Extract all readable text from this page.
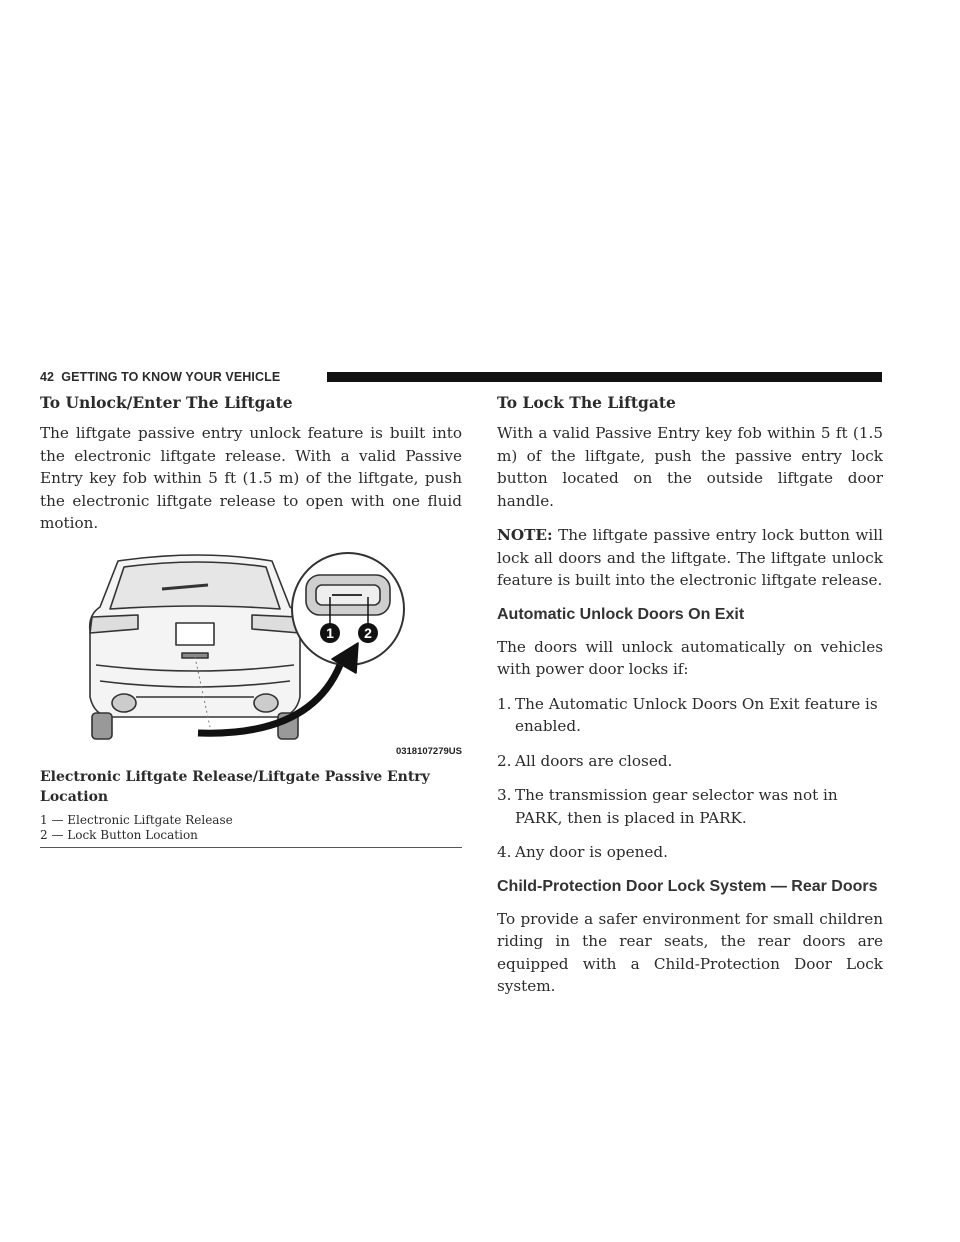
42 GETTING TO KNOW YOUR VEHICLE
To Unlock/Enter The Liftgate

The liftgate passive entry unlock feature is built into the electronic liftgate release. With a valid Passive Entry key fob within 5 ft (1.5 m) of the liftgate, push the electronic liftgate release to open with one fluid motion.

1 2
0318107279US
Electronic Liftgate Release/Liftgate Passive Entry Location
1 — Electronic Liftgate Release
2 — Lock Button Location
To Lock The Liftgate

With a valid Passive Entry key fob within 5 ft (1.5 m) of the liftgate, push the passive entry lock button located on the outside liftgate door handle.

NOTE: The liftgate passive entry lock button will lock all doors and the liftgate. The liftgate unlock feature is built into the electronic liftgate release.

Automatic Unlock Doors On Exit

The doors will unlock automatically on vehicles with power door locks if:

1. The Automatic Unlock Doors On Exit feature is enabled.
2. All doors are closed.
3. The transmission gear selector was not in PARK, then is placed in PARK.
4. Any door is opened.
Child-Protection Door Lock System — Rear Doors

To provide a safer environment for small children riding in the rear seats, the rear doors are equipped with a Child-Protection Door Lock system.
